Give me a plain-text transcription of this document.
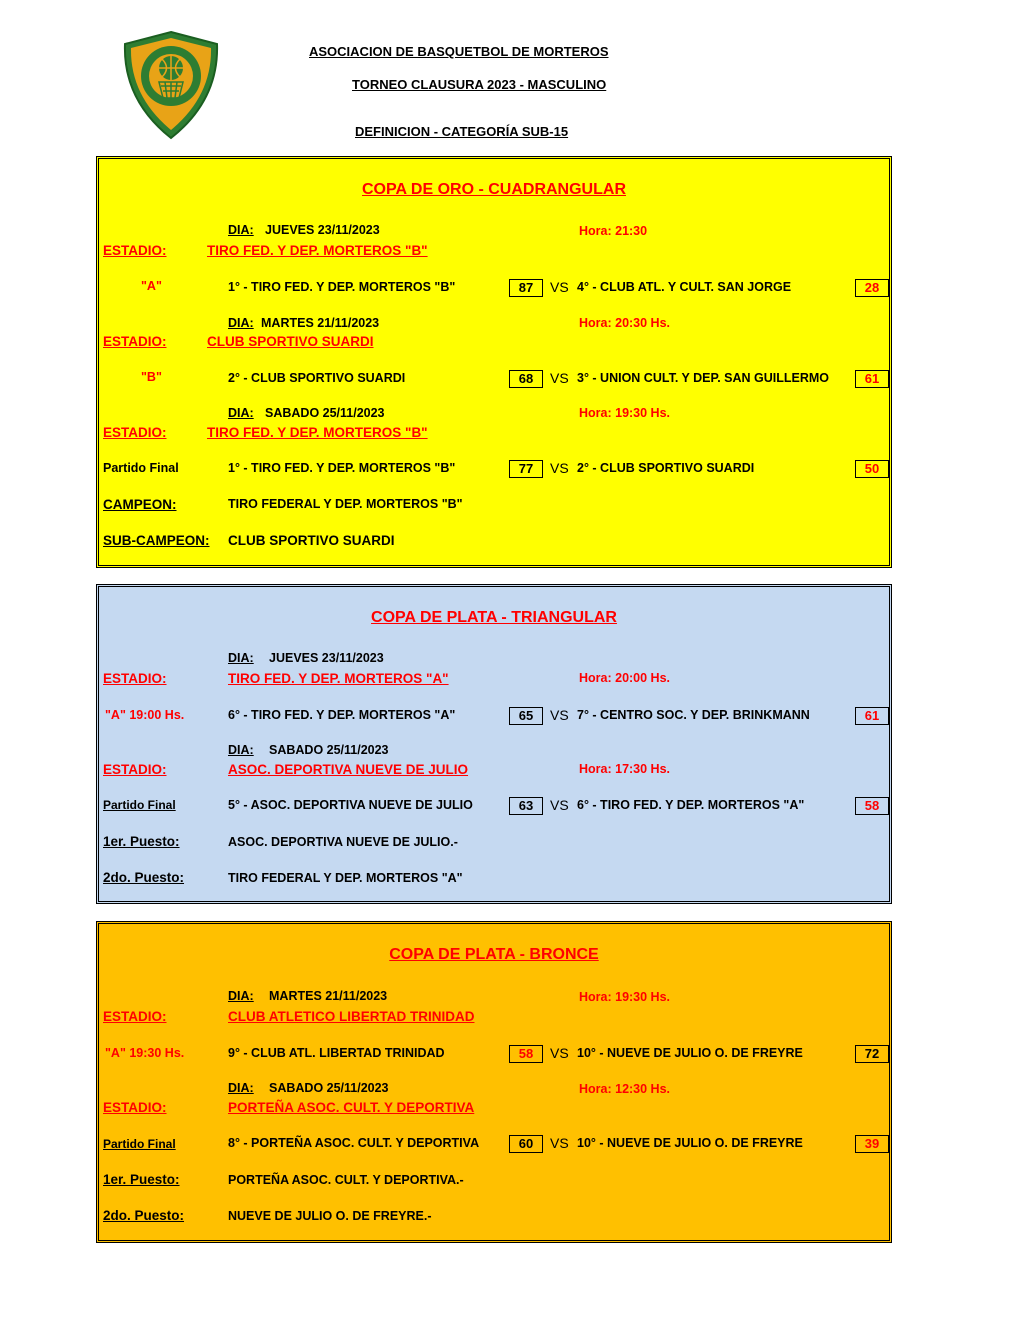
ASOCIACION DE BASQUETBOL DE MORTEROS
TORNEO CLAUSURA 2023 - MASCULINO
DEFINICION - CATEGORÍA SUB-15
COPA DE ORO - CUADRANGULAR
DIA: JUEVES 23/11/2023	Hora: 21:30
ESTADIO:	TIRO FED. Y DEP. MORTEROS "B"
"A"	1° - TIRO FED. Y DEP. MORTEROS "B"	87	VS 4° - CLUB ATL. Y CULT. SAN JORGE	28
DIA: MARTES 21/11/2023	Hora: 20:30 Hs.
ESTADIO:	CLUB SPORTIVO SUARDI
"B"	2° - CLUB SPORTIVO SUARDI	68	VS 3° - UNION CULT. Y DEP. SAN GUILLERMO	61
DIA: SABADO 25/11/2023	Hora: 19:30 Hs.
ESTADIO:	TIRO FED. Y DEP. MORTEROS "B"
Partido Final	1° - TIRO FED. Y DEP. MORTEROS "B"	77	VS 2° - CLUB SPORTIVO SUARDI	50
CAMPEON:	TIRO FEDERAL Y DEP. MORTEROS "B"
SUB-CAMPEON: CLUB SPORTIVO SUARDI
COPA DE PLATA - TRIANGULAR
DIA: JUEVES 23/11/2023
ESTADIO:	TIRO FED. Y DEP. MORTEROS "A"	Hora: 20:00 Hs.
"A" 19:00 Hs.	6° - TIRO FED. Y DEP. MORTEROS "A"	65	VS 7° - CENTRO SOC. Y DEP. BRINKMANN	61
DIA: SABADO 25/11/2023
ESTADIO:	ASOC. DEPORTIVA NUEVE DE JULIO	Hora: 17:30 Hs.
Partido Final	5° - ASOC. DEPORTIVA NUEVE DE JULIO	63	VS 6° - TIRO FED. Y DEP. MORTEROS "A"	58
1er. Puesto:	ASOC. DEPORTIVA NUEVE DE JULIO.-
2do. Puesto:	TIRO FEDERAL Y DEP. MORTEROS "A"
COPA DE PLATA - BRONCE
DIA: MARTES 21/11/2023	Hora: 19:30 Hs.
ESTADIO:	CLUB ATLETICO LIBERTAD TRINIDAD
"A" 19:30 Hs.	9° - CLUB ATL. LIBERTAD TRINIDAD	58	VS 10° - NUEVE DE JULIO O. DE FREYRE	72
DIA: SABADO 25/11/2023	Hora: 12:30 Hs.
ESTADIO:	PORTEÑA ASOC. CULT. Y DEPORTIVA
Partido Final	8° - PORTEÑA ASOC. CULT. Y DEPORTIVA	60	VS 10° - NUEVE DE JULIO O. DE FREYRE	39
1er. Puesto:	PORTEÑA ASOC. CULT. Y DEPORTIVA.-
2do. Puesto:	NUEVE DE JULIO O. DE FREYRE.-
